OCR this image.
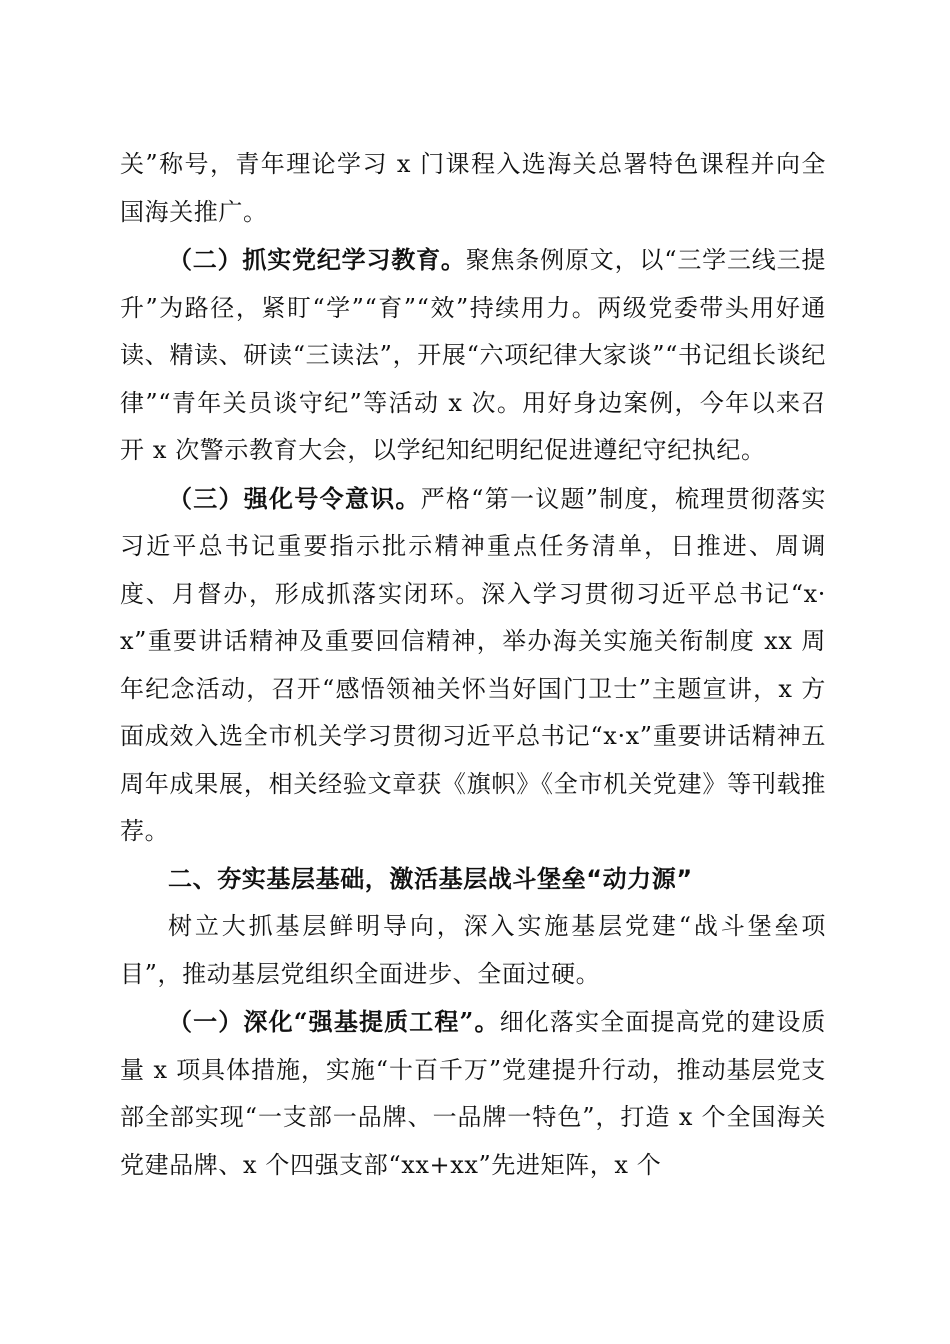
关”称号，青年理论学习 x 门课程入选海关总署特色课程并向全国海关推广。

（二）抓实党纪学习教育。聚焦条例原文，以“三学三线三提升”为路径，紧盯“学”“育”“效”持续用力。两级党委带头用好通读、精读、研读“三读法”，开展“六项纪律大家谈”“书记组长谈纪律”“青年关员谈守纪”等活动 x 次。用好身边案例，今年以来召开 x 次警示教育大会，以学纪知纪明纪促进遵纪守纪执纪。

（三）强化号令意识。严格“第一议题”制度，梳理贯彻落实习近平总书记重要指示批示精神重点任务清单，日推进、周调度、月督办，形成抓落实闭环。深入学习贯彻习近平总书记“x·x”重要讲话精神及重要回信精神，举办海关实施关衔制度 xx 周年纪念活动，召开“感悟领袖关怀当好国门卫士”主题宣讲，x 方面成效入选全市机关学习贯彻习近平总书记“x·x”重要讲话精神五周年成果展，相关经验文章获《旗帜》《全市机关党建》等刊载推荐。

二、夯实基层基础，激活基层战斗堡垒“动力源”

树立大抓基层鲜明导向，深入实施基层党建“战斗堡垒项目”，推动基层党组织全面进步、全面过硬。

（一）深化“强基提质工程”。细化落实全面提高党的建设质量 x 项具体措施，实施“十百千万”党建提升行动，推动基层党支部全部实现“一支部一品牌、一品牌一特色”，打造 x 个全国海关党建品牌、x 个四强支部“xx+xx”先进矩阵，x 个
